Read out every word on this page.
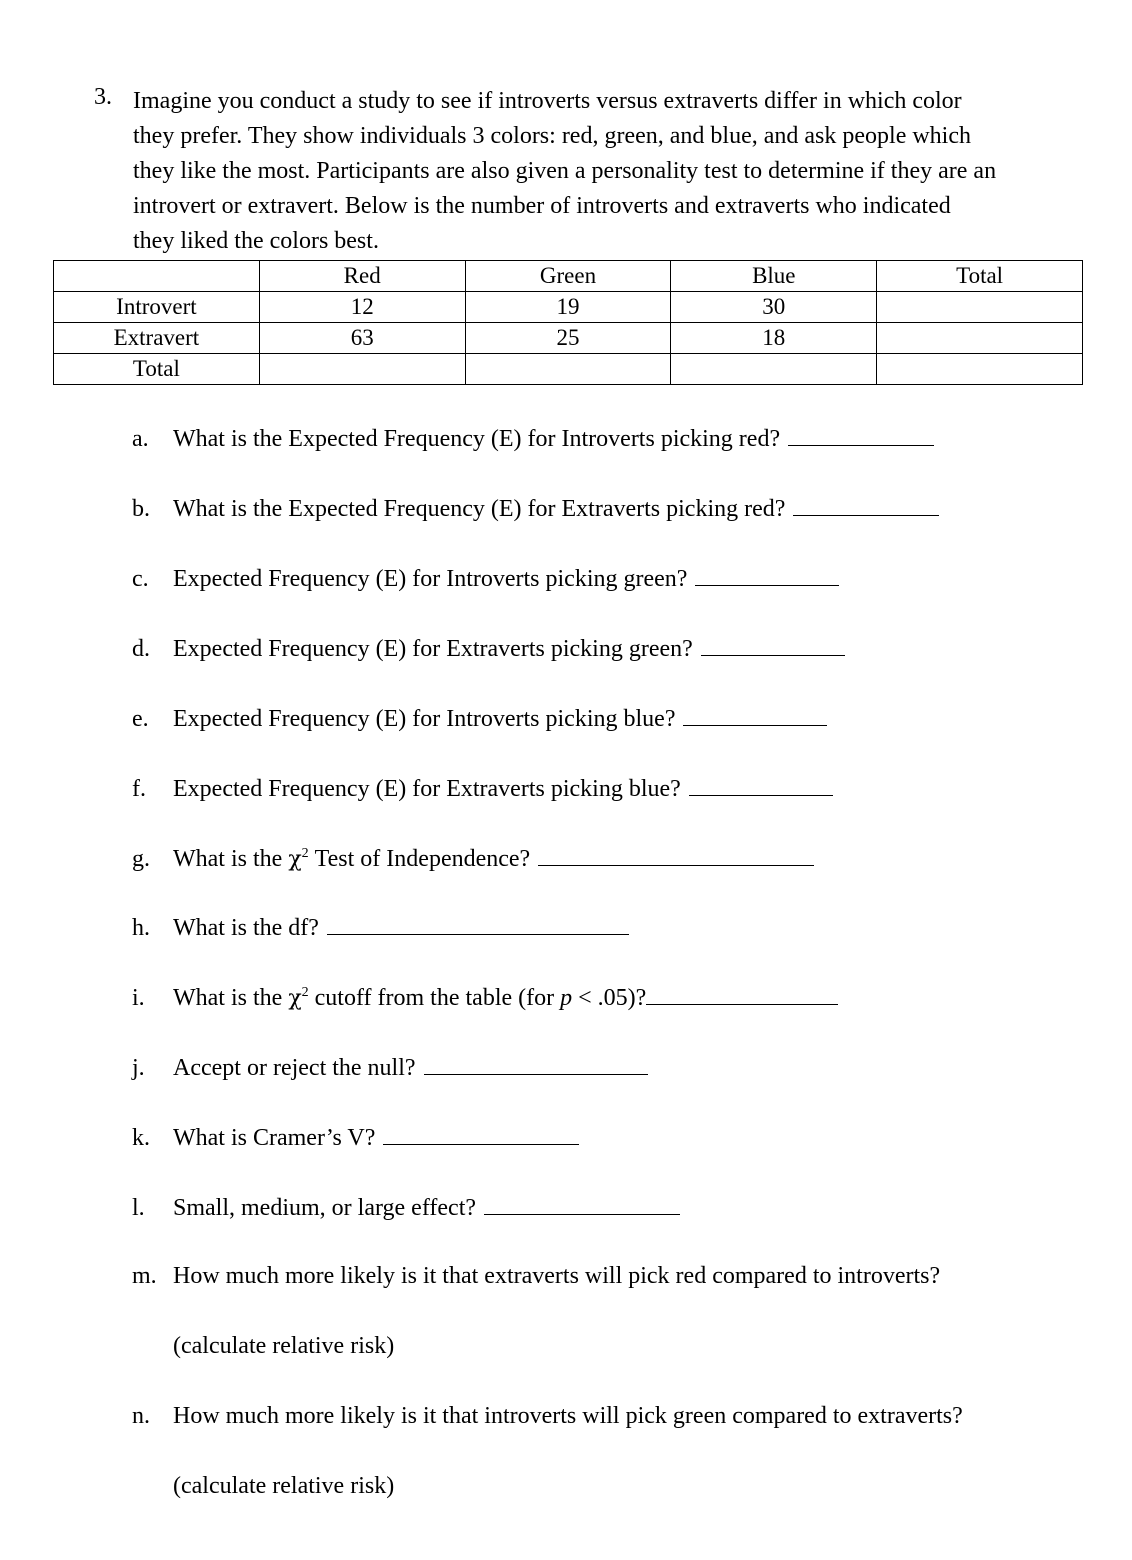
3. Imagine you conduct a study to see if introverts versus extraverts differ in which color
they prefer. They show individuals 3 colors: red, green, and blue, and ask people which
they like the most. Participants are also given a personality test to determine if they are an
introvert or extravert. Below is the number of introverts and extraverts who indicated
they liked the colors best.
	Red	Green	Blue	Total
Introvert	12	19	30	
Extravert	63	25	18	
Total				
a. What is the Expected Frequency (E) for Introverts picking red?
b. What is the Expected Frequency (E) for Extraverts picking red?
c. Expected Frequency (E) for Introverts picking green?
d. Expected Frequency (E) for Extraverts picking green?
e. Expected Frequency (E) for Introverts picking blue?
f. Expected Frequency (E) for Extraverts picking blue?
g. What is the $\chi^2$ Test of Independence?
h. What is the df?
i. What is the $\chi^2$ cutoff from the table (for p < .05)?
j. Accept or reject the null?
k. What is Cramer’s V?
l. Small, medium, or large effect?
m. How much more likely is it that extraverts will pick red compared to introverts?
(calculate relative risk)
n. How much more likely is it that introverts will pick green compared to extraverts?
(calculate relative risk)
